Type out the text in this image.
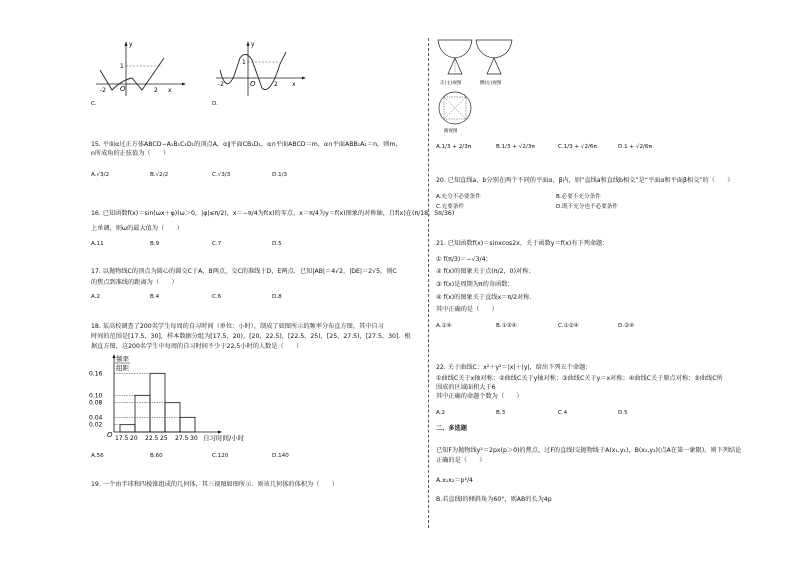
y
1
O
-2	2 x
C.
y
1
O
-2	2 x
D.
15. 平面α过正方体ABCD−A₁B₁C₁D₁的顶点A，α∥平面CB₁D₁，α∩平面ABCD＝m，α∩平面ABB₁A₁＝n，则m，
n所成角的正弦值为（　　）
A.√3/2	B.√2/2	C.√3/3	D.1/3
16. 已知函数f(x)＝sin(ωx＋φ)(ω＞0，|φ|≤π/2)，x＝−π/4为f(x)的零点，x＝π/4为y＝f(x)图象的对称轴，且f(x)在(π/18，5π/36)
上单调，则ω的最大值为（　　）
A.11	B.9	C.7	D.5
17. 以抛物线C的顶点为圆心的圆交C于A，B两点，交C的准线于D，E两点．已知|AB|＝4√2，|DE|＝2√5，则C
的焦点到准线的距离为（　　）
A.2	B.4	C.6	D.8
18. 某高校调查了200名学生每周的自习时间（单位：小时），制成了如图所示的频率分布直方图，其中自习
时间的范围是[17.5，30]，样本数据分组为[17.5，20)，[20，22.5)，[22.5，25)，[25，27.5)，[27.5，30]．根
据直方图，这200名学生中每周的自习时间不少于22.5小时的人数是（　　）
频率
组距
0.16
0.10
0.08
0.04
0.02
17.5 20 22.5 25 27.5 30
O	自习时间/小时
A.56	B.60	C.120	D.140
19. 一个由半球和四棱锥组成的几何体，其三视图如图所示．则该几何体的体积为（　　）
正(主)视图	侧(左)视图
俯视图
A.1/3 + 2/3π	B.1/3 + √2/3π	C.1/3 + √2/6π	D.1 + √2/6π
20. 已知直线a，b分别在两个不同的平面α，β内，则“直线a和直线b相交”是“平面α和平面β相交”的（　　）
A.充分不必要条件	B.必要不充分条件
C.充要条件	D.既不充分也不必要条件
21. 已知函数f(x)＝sinxcos2x，关于函数y＝f(x)有下列命题：
① f(π/3)＝−√3/4；
② f(x)的图象关于点(π/2，0)对称；
③ f(x)是周期为π的奇函数；
④ f(x)的图象关于直线x＝π/2对称．
其中正确的是（　　）
A.①④	B.①③④	C.①②④	D.②④
22. 关于曲线C：x²＋y²＝|x|＋|y|，给出下列五个命题：
①曲线C关于x轴对称；②曲线C关于y轴对称；③曲线C关于y＝x对称；④曲线C关于原点对称；⑤曲线C所
围成的区域面积大于6
其中正确的命题个数为（　　）
A.2	B.3	C.4	D.5
二、多选题
已知F为抛物线y²＝2px(p＞0)的焦点，过F的直线l交抛物线于A(x₁,y₁)，B(x₂,y₂)(点A在第一象限)，则下列结论
正确的是（　　）
A.x₁x₂＝p²/4
B.若直线l的倾斜角为60°，则AB的长为4p
